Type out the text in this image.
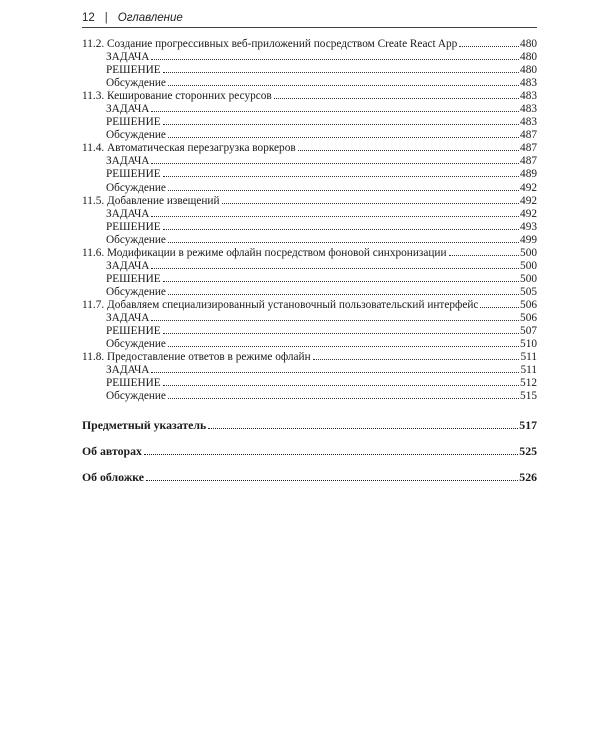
12 | Оглавление
11.2. Создание прогрессивных веб-приложений посредством Create React App	480
ЗАДАЧА	480
РЕШЕНИЕ	480
Обсуждение	483
11.3. Кеширование сторонних ресурсов	483
ЗАДАЧА	483
РЕШЕНИЕ	483
Обсуждение	487
11.4. Автоматическая перезагрузка воркеров	487
ЗАДАЧА	487
РЕШЕНИЕ	489
Обсуждение	492
11.5. Добавление извещений	492
ЗАДАЧА	492
РЕШЕНИЕ	493
Обсуждение	499
11.6. Модификации в режиме офлайн посредством фоновой синхронизации	500
ЗАДАЧА	500
РЕШЕНИЕ	500
Обсуждение	505
11.7. Добавляем специализированный установочный пользовательский интерфейс	506
ЗАДАЧА	506
РЕШЕНИЕ	507
Обсуждение	510
11.8. Предоставление ответов в режиме офлайн	511
ЗАДАЧА	511
РЕШЕНИЕ	512
Обсуждение	515
Предметный указатель	517
Об авторах	525
Об обложке	526
